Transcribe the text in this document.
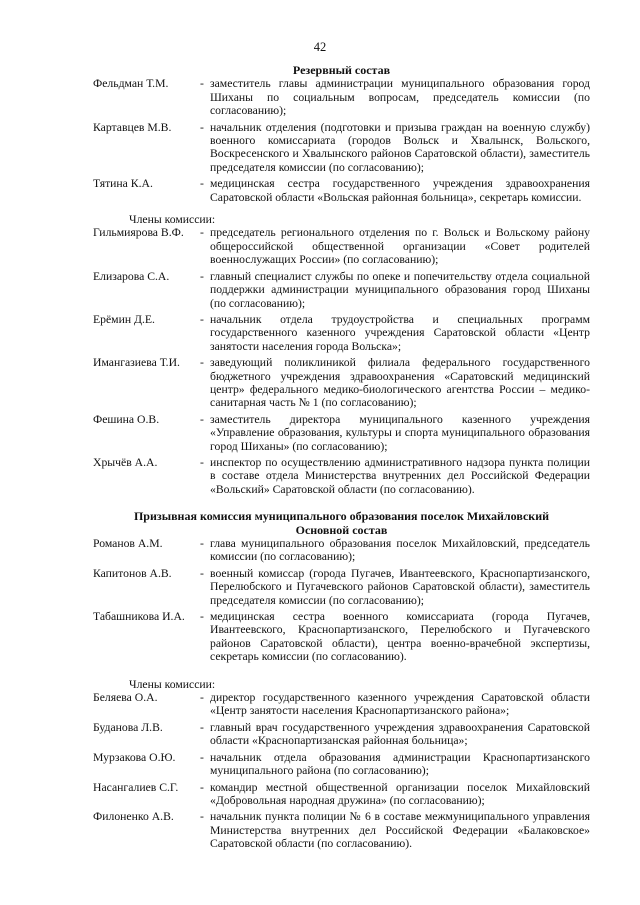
42
Резервный состав
Фельдман Т.М.	- заместитель главы администрации муниципального образования город Шиханы по социальным вопросам, председатель комиссии (по согласованию);
Картавцев М.В.	- начальник отделения (подготовки и призыва граждан на военную службу) военного комиссариата (городов Вольск и Хвалынск, Вольского, Воскресенского и Хвалынского районов Саратовской области), заместитель председателя комиссии (по согласованию);
Тятина К.А.	- медицинская сестра государственного учреждения здравоохранения Саратовской области «Вольская районная больница», секретарь комиссии.
Члены комиссии:
Гильмиярова В.Ф.	- председатель регионального отделения по г. Вольск и Вольскому району общероссийской общественной организации «Совет родителей военнослужащих России» (по согласованию);
Елизарова С.А.	- главный специалист службы по опеке и попечительству отдела социальной поддержки администрации муниципального образования город Шиханы (по согласованию);
Ерёмин Д.Е.	- начальник отдела трудоустройства и специальных программ государственного казенного учреждения Саратовской области «Центр занятости населения города Вольска»;
Имангазиева Т.И.	- заведующий поликлиникой филиала федерального государственного бюджетного учреждения здравоохранения «Саратовский медицинский центр» федерального медико-биологического агентства России – медико-санитарная часть № 1 (по согласованию);
Фешина О.В.	- заместитель директора муниципального казенного учреждения «Управление образования, культуры и спорта муниципального образования город Шиханы» (по согласованию);
Хрычёв А.А.	- инспектор по осуществлению административного надзора пункта полиции в составе отдела Министерства внутренних дел Российской Федерации «Вольский» Саратовской области (по согласованию).
Призывная комиссия муниципального образования поселок Михайловский
Основной состав
Романов А.М.	- глава муниципального образования поселок Михайловский, председатель комиссии (по согласованию);
Капитонов А.В.	- военный комиссар (города Пугачев, Ивантеевского, Краснопартизанского, Перелюбского и Пугачевского районов Саратовской области), заместитель председателя комиссии (по согласованию);
Табашникова И.А.	- медицинская сестра военного комиссариата (города Пугачев, Ивантеевского, Краснопартизанского, Перелюбского и Пугачевского районов Саратовской области), центра военно-врачебной экспертизы, секретарь комиссии (по согласованию).
Члены комиссии:
Беляева О.А.	- директор государственного казенного учреждения Саратовской области «Центр занятости населения Краснопартизанского района»;
Буданова Л.В.	- главный врач государственного учреждения здравоохранения Саратовской области «Краснопартизанская районная больница»;
Мурзакова О.Ю.	- начальник отдела образования администрации Краснопартизанского муниципального района (по согласованию);
Насангалиев С.Г.	- командир местной общественной организации поселок Михайловский «Добровольная народная дружина» (по согласованию);
Филоненко А.В.	- начальник пункта полиции № 6 в составе межмуниципального управления Министерства внутренних дел Российской Федерации «Балаковское» Саратовской области (по согласованию).
